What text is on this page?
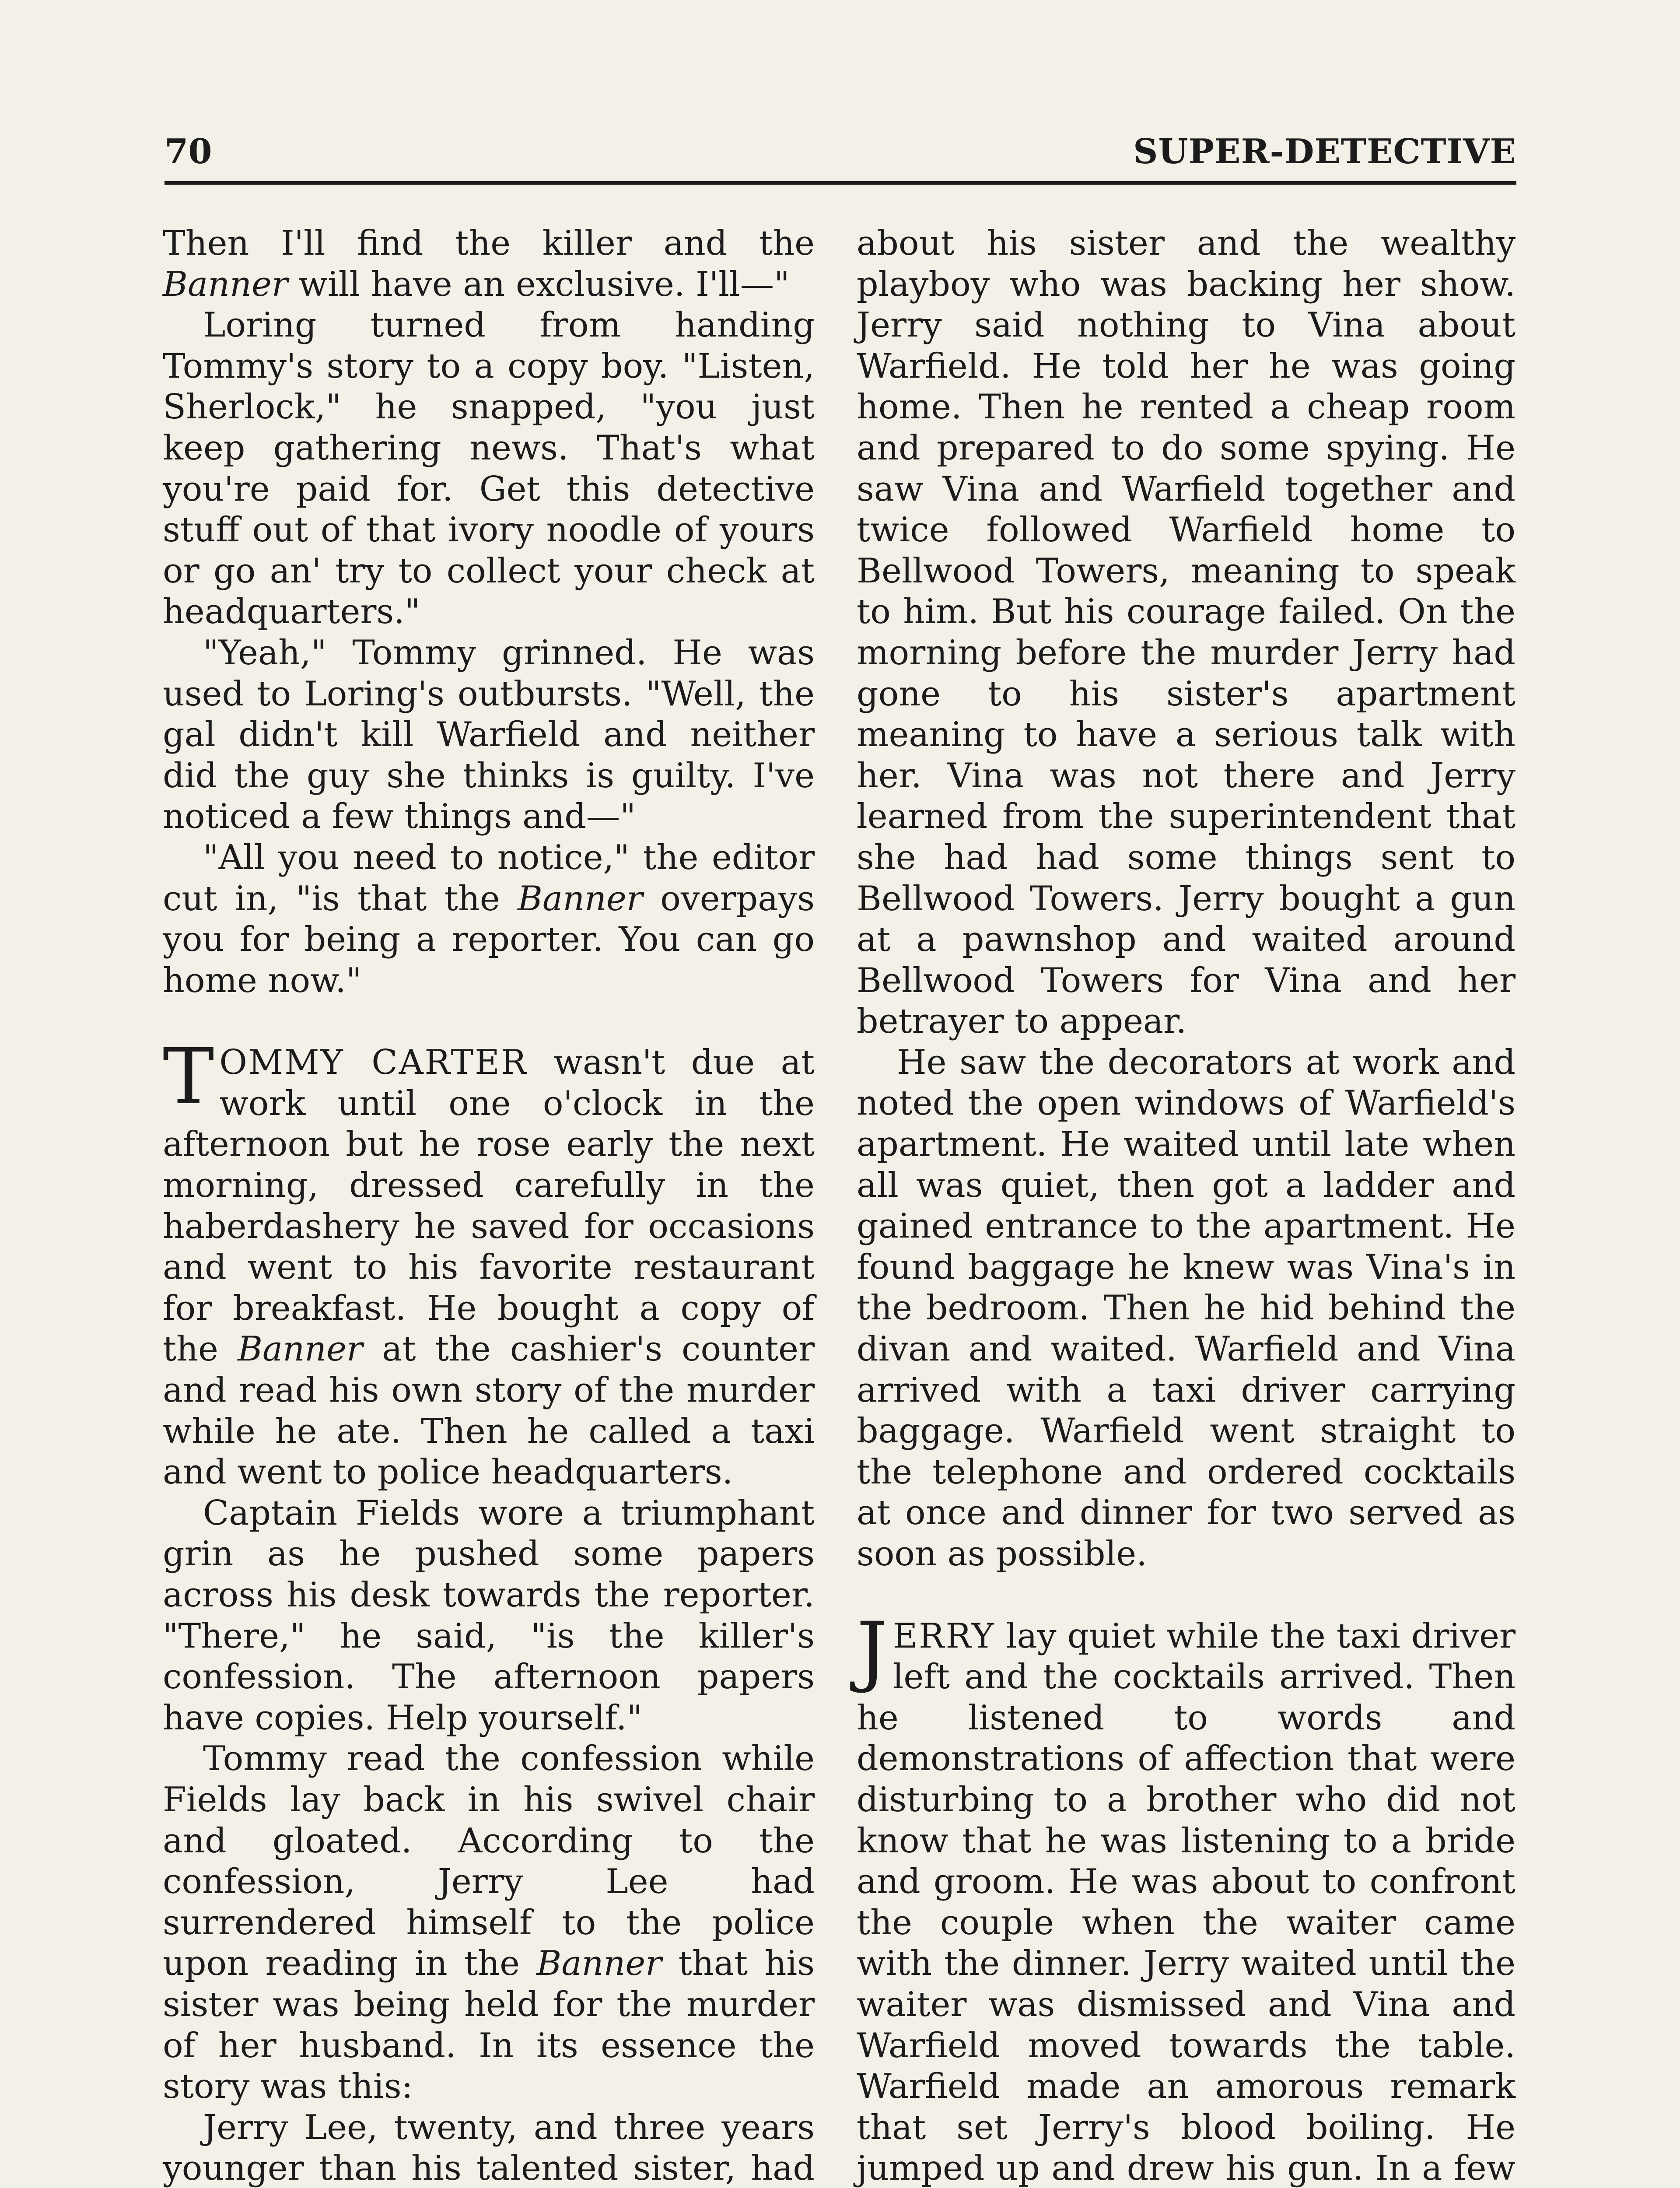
70	SUPER-DETECTIVE

Then I'll find the killer and the Banner will have an exclusive. I'll—"

Loring turned from handing Tommy's story to a copy boy. "Listen, Sherlock," he snapped, "you just keep gathering news. That's what you're paid for. Get this detective stuff out of that ivory noodle of yours or go an' try to collect your check at headquarters."

"Yeah," Tommy grinned. He was used to Loring's outbursts. "Well, the gal didn't kill Warfield and neither did the guy she thinks is guilty. I've noticed a few things and—"

"All you need to notice," the editor cut in, "is that the Banner overpays you for being a reporter. You can go home now."

TOMMY CARTER wasn't due at work until one o'clock in the afternoon but he rose early the next morning, dressed carefully in the haberdashery he saved for occasions and went to his favorite restaurant for breakfast. He bought a copy of the Banner at the cashier's counter and read his own story of the murder while he ate. Then he called a taxi and went to police headquarters.

Captain Fields wore a triumphant grin as he pushed some papers across his desk towards the reporter. "There," he said, "is the killer's confession. The afternoon papers have copies. Help yourself."

Tommy read the confession while Fields lay back in his swivel chair and gloated. According to the confession, Jerry Lee had surrendered himself to the police upon reading in the Banner that his sister was being held for the murder of her husband. In its essence the story was this:

Jerry Lee, twenty, and three years younger than his talented sister, had

about his sister and the wealthy playboy who was backing her show. Jerry said nothing to Vina about Warfield. He told her he was going home. Then he rented a cheap room and prepared to do some spying. He saw Vina and Warfield together and twice followed Warfield home to Bellwood Towers, meaning to speak to him. But his courage failed. On the morning before the murder Jerry had gone to his sister's apartment meaning to have a serious talk with her. Vina was not there and Jerry learned from the superintendent that she had had some things sent to Bellwood Towers. Jerry bought a gun at a pawnshop and waited around Bellwood Towers for Vina and her betrayer to appear.

He saw the decorators at work and noted the open windows of Warfield's apartment. He waited until late when all was quiet, then got a ladder and gained entrance to the apartment. He found baggage he knew was Vina's in the bedroom. Then he hid behind the divan and waited. Warfield and Vina arrived with a taxi driver carrying baggage. Warfield went straight to the telephone and ordered cocktails at once and dinner for two served as soon as possible.

JERRY lay quiet while the taxi driver left and the cocktails arrived. Then he listened to words and demonstrations of affection that were disturbing to a brother who did not know that he was listening to a bride and groom. He was about to confront the couple when the waiter came with the dinner. Jerry waited until the waiter was dismissed and Vina and Warfield moved towards the table. Warfield made an amorous remark that set Jerry's blood boiling. He jumped up and drew his gun. In a few
